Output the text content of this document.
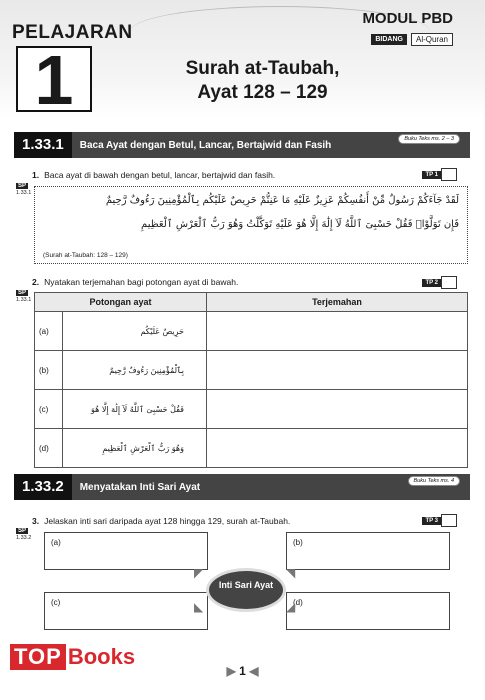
PELAJARAN
1
MODUL PBD
BIDANG	Al-Quran
Surah at-Taubah,
Ayat 128 – 129
1.33.1	Baca Ayat dengan Betul, Lancar, Bertajwid dan Fasih
Buku Teks ms. 2 – 3
1. Baca ayat di bawah dengan betul, lancar, bertajwid dan fasih.
SP
1.33.1
TP 1
لَقَدْ جَآءَكُمْ رَسُولٌ مِّنْ أَنفُسِكُمْ عَزِيزٌ عَلَيْهِ مَا عَنِتُّمْ حَرِيصٌ عَلَيْكُم بِٱلْمُؤْمِنِينَ رَءُوفٌ رَّحِيمٌ
فَإِن تَوَلَّوْا۟ فَقُلْ حَسْبِىَ ٱللَّهُ لَآ إِلَٰهَ إِلَّا هُوَ عَلَيْهِ تَوَكَّلْتُ وَهُوَ رَبُّ ٱلْعَرْشِ ٱلْعَظِيمِ
(Surah at-Taubah: 128 – 129)
2. Nyatakan terjemahan bagi potongan ayat di bawah.
SP
1.33.1
TP 2
Potongan ayat		Terjemahan
(a)	حَرِيصٌ عَلَيْكُم	
(b)	بِٱلْمُؤْمِنِينَ رَءُوفٌ رَّحِيمٌ	
(c)	فَقُلْ حَسْبِىَ ٱللَّهُ لَآ إِلَٰهَ إِلَّا هُوَ	
(d)	وَهُوَ رَبُّ ٱلْعَرْشِ ٱلْعَظِيمِ	
1.33.2	Menyatakan Inti Sari Ayat
Buku Teks ms. 4
3. Jelaskan inti sari daripada ayat 128 hingga 129, surah at-Taubah.
SP
1.33.2
TP 3
(a)	(b)
(c)	(d)
◤	◥
◣	◢
Inti Sari Ayat
TOP Books
▶ 1 ◀
